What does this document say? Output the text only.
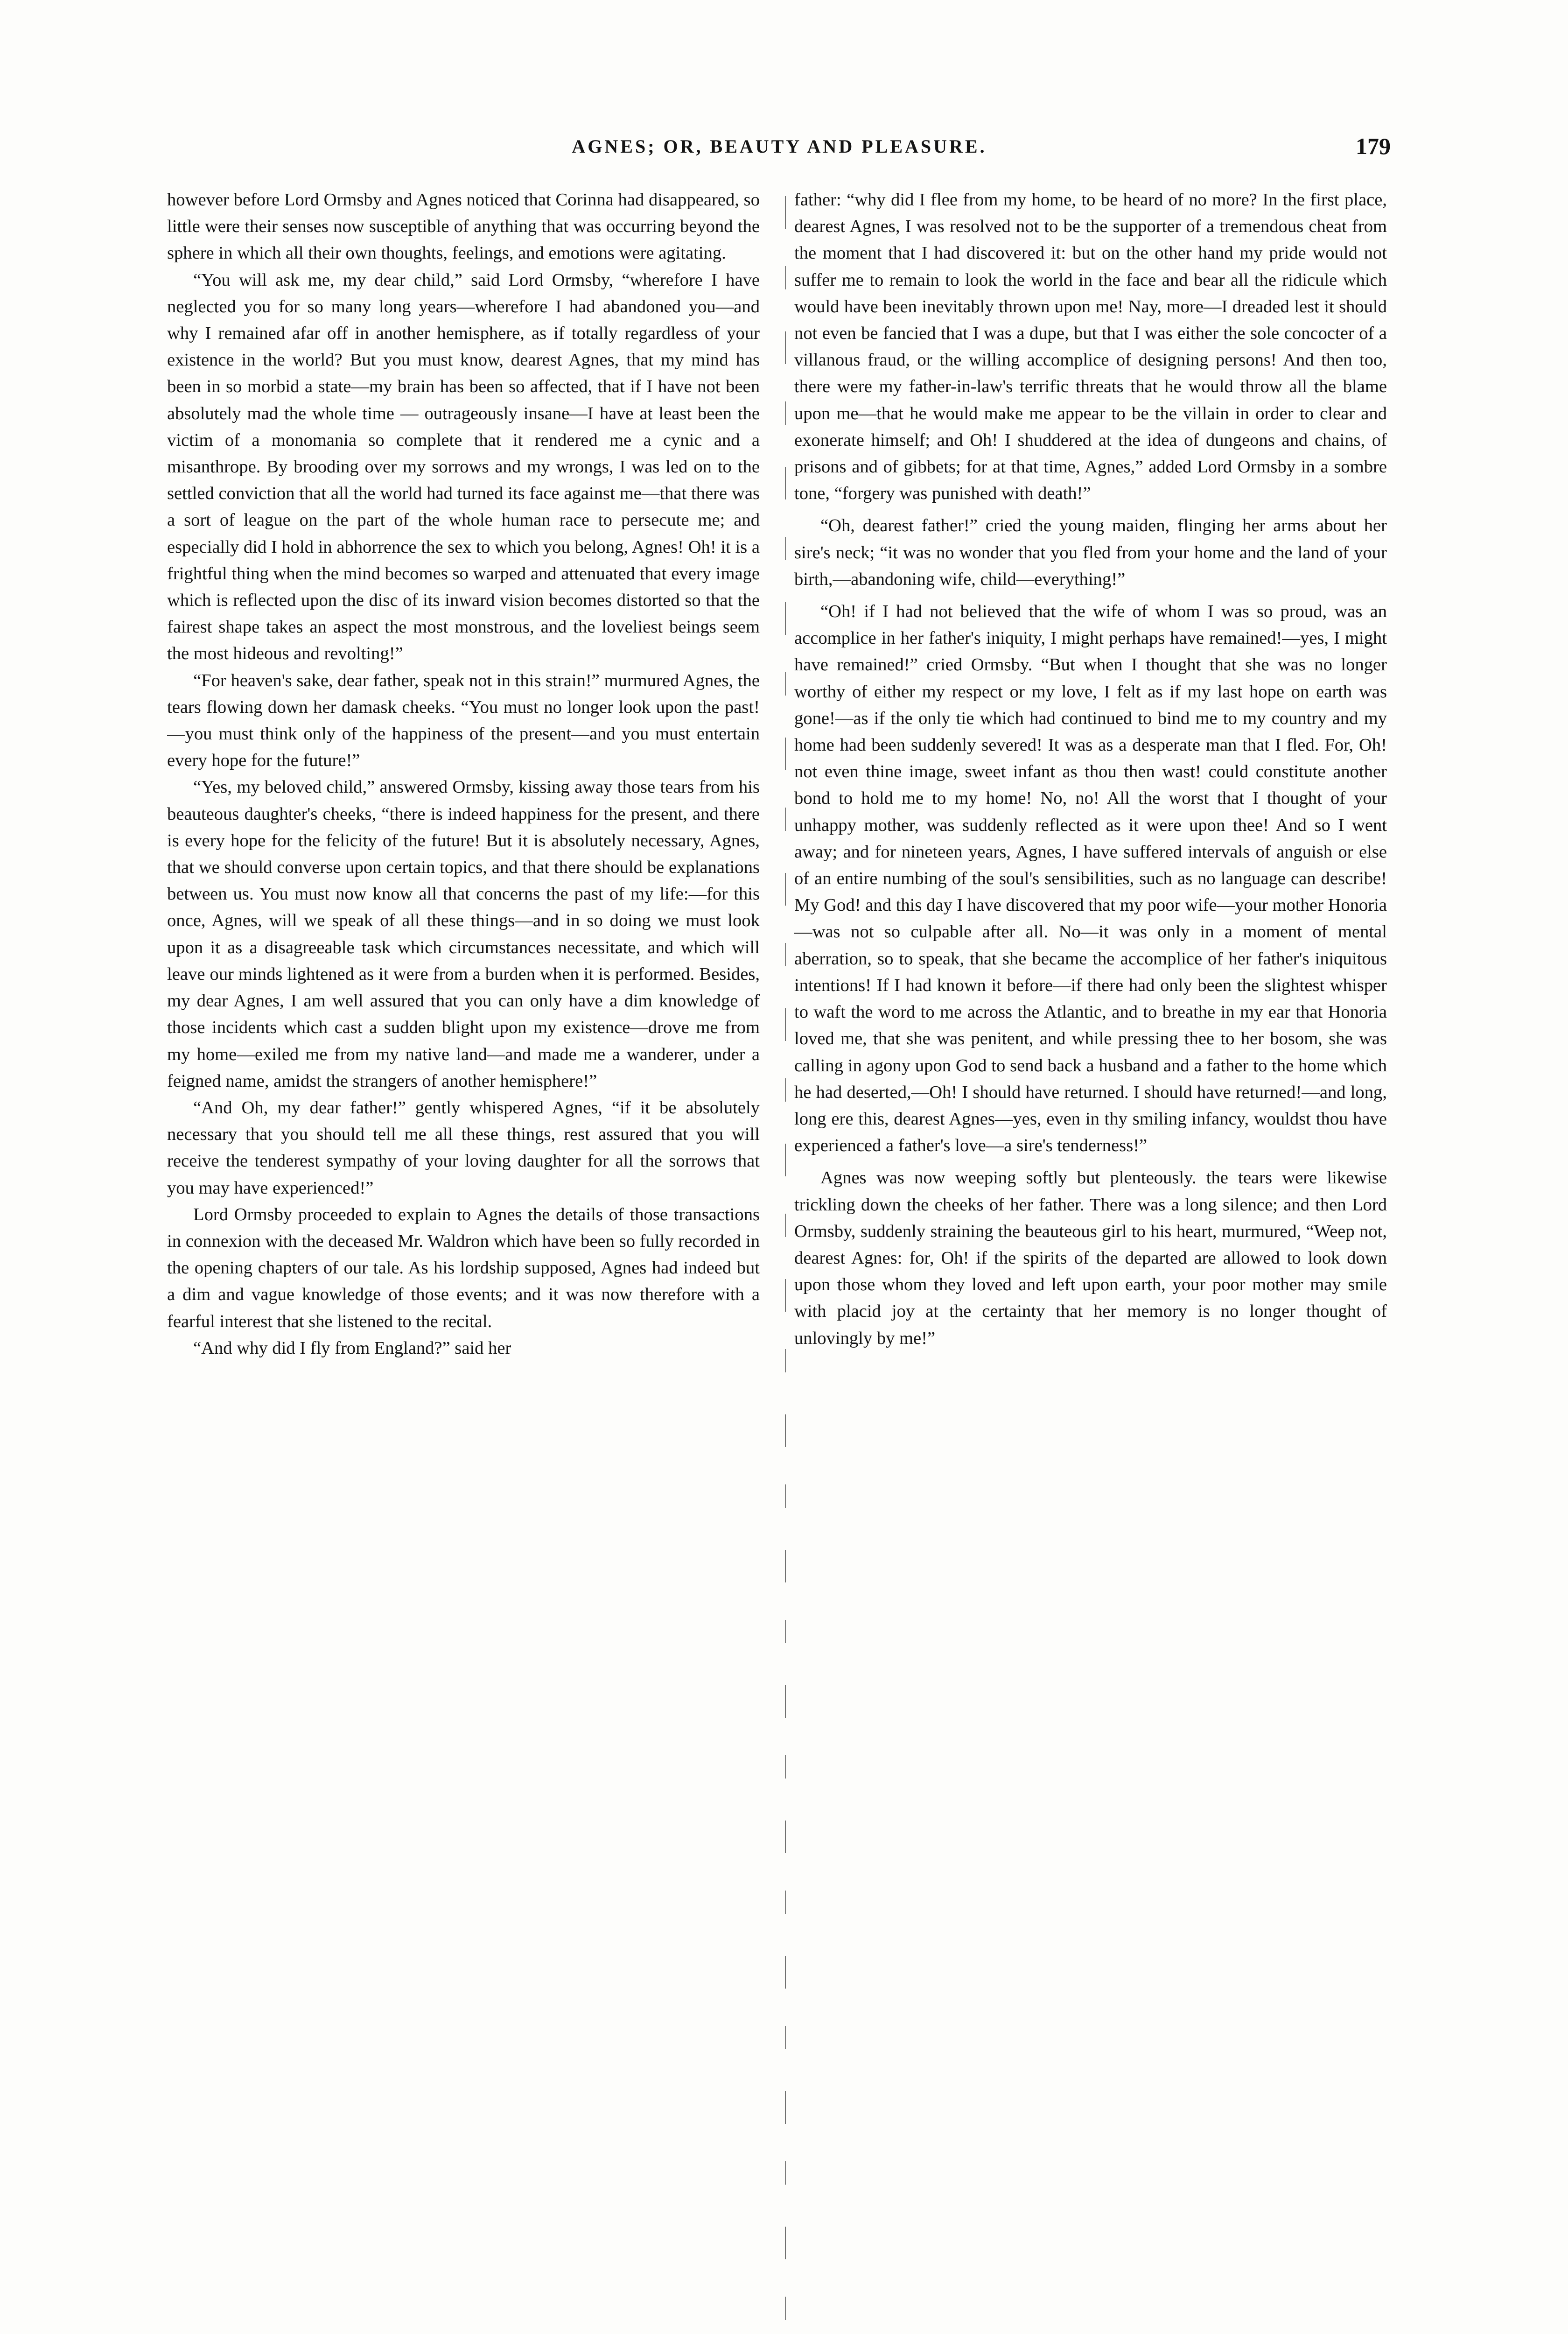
AGNES; OR, BEAUTY AND PLEASURE.	179

however before Lord Ormsby and Agnes noticed that Corinna had disappeared, so little were their senses now susceptible of anything that was occurring beyond the sphere in which all their own thoughts, feelings, and emotions were agitating.

“You will ask me, my dear child,” said Lord Ormsby, “wherefore I have neglected you for so many long years—wherefore I had abandoned you—and why I remained afar off in another hemisphere, as if totally regardless of your existence in the world? But you must know, dearest Agnes, that my mind has been in so morbid a state—my brain has been so affected, that if I have not been absolutely mad the whole time — outrageously insane—I have at least been the victim of a monomania so complete that it rendered me a cynic and a misanthrope. By brooding over my sorrows and my wrongs, I was led on to the settled conviction that all the world had turned its face against me—that there was a sort of league on the part of the whole human race to persecute me; and especially did I hold in abhorrence the sex to which you belong, Agnes! Oh! it is a frightful thing when the mind becomes so warped and attenuated that every image which is reflected upon the disc of its inward vision becomes distorted so that the fairest shape takes an aspect the most monstrous, and the loveliest beings seem the most hideous and revolting!”

“For heaven's sake, dear father, speak not in this strain!” murmured Agnes, the tears flowing down her damask cheeks. “You must no longer look upon the past!—you must think only of the happiness of the present—and you must entertain every hope for the future!”

“Yes, my beloved child,” answered Ormsby, kissing away those tears from his beauteous daughter's cheeks, “there is indeed happiness for the present, and there is every hope for the felicity of the future! But it is absolutely necessary, Agnes, that we should converse upon certain topics, and that there should be explanations between us. You must now know all that concerns the past of my life:—for this once, Agnes, will we speak of all these things—and in so doing we must look upon it as a disagreeable task which circumstances necessitate, and which will leave our minds lightened as it were from a burden when it is performed. Besides, my dear Agnes, I am well assured that you can only have a dim knowledge of those incidents which cast a sudden blight upon my existence—drove me from my home—exiled me from my native land—and made me a wanderer, under a feigned name, amidst the strangers of another hemisphere!”

“And Oh, my dear father!” gently whispered Agnes, “if it be absolutely necessary that you should tell me all these things, rest assured that you will receive the tenderest sympathy of your loving daughter for all the sorrows that you may have experienced!”

Lord Ormsby proceeded to explain to Agnes the details of those transactions in connexion with the deceased Mr. Waldron which have been so fully recorded in the opening chapters of our tale. As his lordship supposed, Agnes had indeed but a dim and vague knowledge of those events; and it was now therefore with a fearful interest that she listened to the recital.

“And why did I fly from England?” said her

father: “why did I flee from my home, to be heard of no more? In the first place, dearest Agnes, I was resolved not to be the supporter of a tremendous cheat from the moment that I had discovered it: but on the other hand my pride would not suffer me to remain to look the world in the face and bear all the ridicule which would have been inevitably thrown upon me! Nay, more—I dreaded lest it should not even be fancied that I was a dupe, but that I was either the sole concocter of a villanous fraud, or the willing accomplice of designing persons! And then too, there were my father-in-law's terrific threats that he would throw all the blame upon me—that he would make me appear to be the villain in order to clear and exonerate himself; and Oh! I shuddered at the idea of dungeons and chains, of prisons and of gibbets; for at that time, Agnes,” added Lord Ormsby in a sombre tone, “forgery was punished with death!”

“Oh, dearest father!” cried the young maiden, flinging her arms about her sire's neck; “it was no wonder that you fled from your home and the land of your birth,—abandoning wife, child—everything!”

“Oh! if I had not believed that the wife of whom I was so proud, was an accomplice in her father's iniquity, I might perhaps have remained!—yes, I might have remained!” cried Ormsby. “But when I thought that she was no longer worthy of either my respect or my love, I felt as if my last hope on earth was gone!—as if the only tie which had continued to bind me to my country and my home had been suddenly severed! It was as a desperate man that I fled. For, Oh! not even thine image, sweet infant as thou then wast! could constitute another bond to hold me to my home! No, no! All the worst that I thought of your unhappy mother, was suddenly reflected as it were upon thee! And so I went away; and for nineteen years, Agnes, I have suffered intervals of anguish or else of an entire numbing of the soul's sensibilities, such as no language can describe! My God! and this day I have discovered that my poor wife—your mother Honoria—was not so culpable after all. No—it was only in a moment of mental aberration, so to speak, that she became the accomplice of her father's iniquitous intentions! If I had known it before—if there had only been the slightest whisper to waft the word to me across the Atlantic, and to breathe in my ear that Honoria loved me, that she was penitent, and while pressing thee to her bosom, she was calling in agony upon God to send back a husband and a father to the home which he had deserted,—Oh! I should have returned. I should have returned!—and long, long ere this, dearest Agnes—yes, even in thy smiling infancy, wouldst thou have experienced a father's love—a sire's tenderness!”

Agnes was now weeping softly but plenteously. the tears were likewise trickling down the cheeks of her father. There was a long silence; and then Lord Ormsby, suddenly straining the beauteous girl to his heart, murmured, “Weep not, dearest Agnes: for, Oh! if the spirits of the departed are allowed to look down upon those whom they loved and left upon earth, your poor mother may smile with placid joy at the certainty that her memory is no longer thought of unlovingly by me!”
